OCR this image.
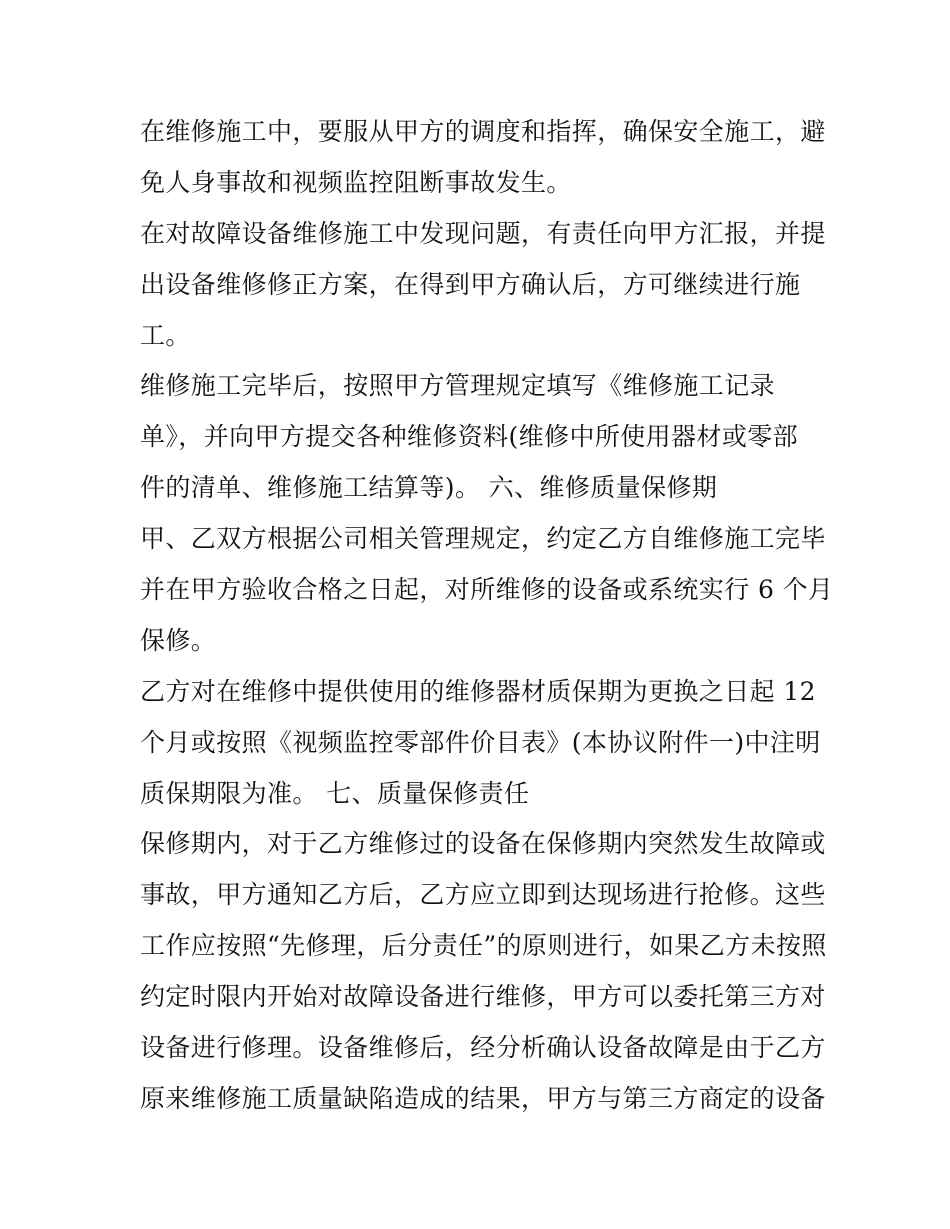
在维修施工中，要服从甲方的调度和指挥，确保安全施工，避

免人身事故和视频监控阻断事故发生。

在对故障设备维修施工中发现问题，有责任向甲方汇报，并提

出设备维修修正方案，在得到甲方确认后，方可继续进行施

工。

维修施工完毕后，按照甲方管理规定填写《维修施工记录

单》，并向甲方提交各种维修资料(维修中所使用器材或零部

件的清单、维修施工结算等)。 六、维修质量保修期

甲、乙双方根据公司相关管理规定，约定乙方自维修施工完毕

并在甲方验收合格之日起，对所维修的设备或系统实行 6 个月

保修。

乙方对在维修中提供使用的维修器材质保期为更换之日起 12

个月或按照《视频监控零部件价目表》(本协议附件一)中注明

质保期限为准。 七、质量保修责任

保修期内，对于乙方维修过的设备在保修期内突然发生故障或

事故，甲方通知乙方后，乙方应立即到达现场进行抢修。这些

工作应按照“先修理，后分责任”的原则进行，如果乙方未按照

约定时限内开始对故障设备进行维修，甲方可以委托第三方对

设备进行修理。设备维修后，经分析确认设备故障是由于乙方

原来维修施工质量缺陷造成的结果，甲方与第三方商定的设备
